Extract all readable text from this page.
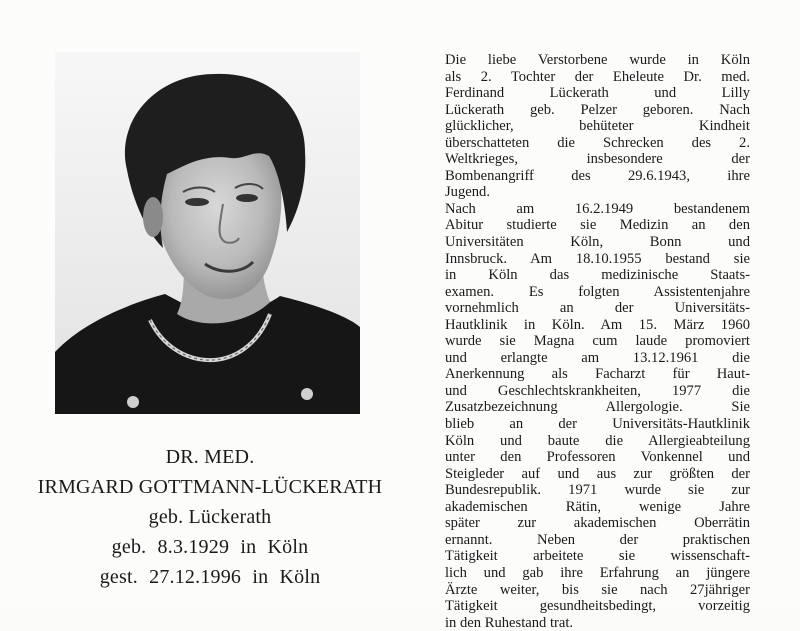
DR. MED.
IRMGARD GOTTMANN-LÜCKERATH
geb. Lückerath
geb. 8.3.1929 in Köln
gest. 27.12.1996 in Köln
Die liebe Verstorbene wurde in Köln
als 2. Tochter der Eheleute Dr. med.
Ferdinand Lückerath und Lilly
Lückerath geb. Pelzer geboren. Nach
glücklicher, behüteter Kindheit
überschatteten die Schrecken des 2.
Weltkrieges, insbesondere der
Bombenangriff des 29.6.1943, ihre
Jugend.
Nach am 16.2.1949 bestandenem
Abitur studierte sie Medizin an den
Universitäten Köln, Bonn und
Innsbruck. Am 18.10.1955 bestand sie
in Köln das medizinische Staats-
examen. Es folgten Assistentenjahre
vornehmlich an der Universitäts-
Hautklinik in Köln. Am 15. März 1960
wurde sie Magna cum laude promoviert
und erlangte am 13.12.1961 die
Anerkennung als Facharzt für Haut-
und Geschlechtskrankheiten, 1977 die
Zusatzbezeichnung Allergologie. Sie
blieb an der Universitäts-Hautklinik
Köln und baute die Allergieabteilung
unter den Professoren Vonkennel und
Steigleder auf und aus zur größten der
Bundesrepublik. 1971 wurde sie zur
akademischen Rätin, wenige Jahre
später zur akademischen Oberrätin
ernannt. Neben der praktischen
Tätigkeit arbeitete sie wissenschaft-
lich und gab ihre Erfahrung an jüngere
Ärzte weiter, bis sie nach 27jähriger
Tätigkeit gesundheitsbedingt, vorzeitig
in den Ruhestand trat.
